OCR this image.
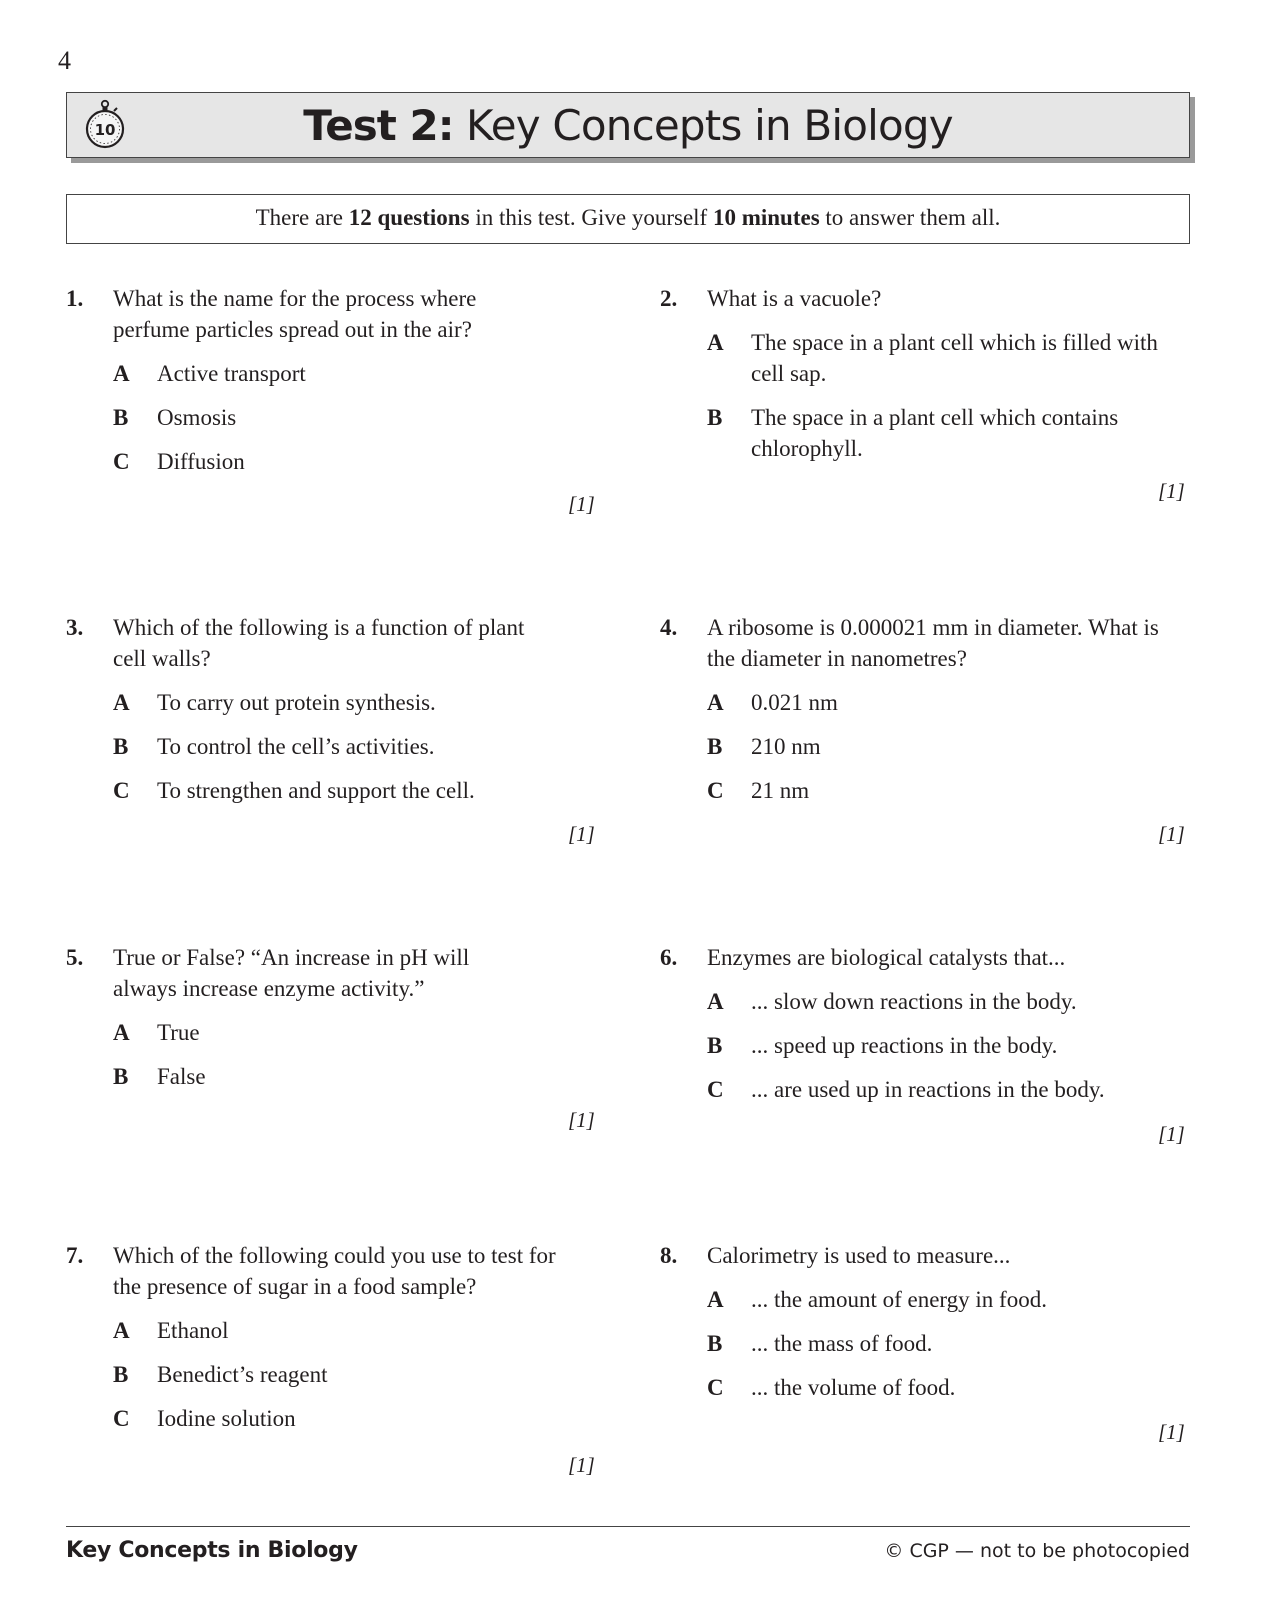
4
10	Test 2: Key Concepts in Biology
There are 12 questions in this test. Give yourself 10 minutes to answer them all.
1. What is the name for the process where perfume particles spread out in the air?
A Active transport
B Osmosis
C Diffusion
[1]
2. What is a vacuole?
A The space in a plant cell which is filled with cell sap.
B The space in a plant cell which contains chlorophyll.
[1]
3. Which of the following is a function of plant cell walls?
A To carry out protein synthesis.
B To control the cell’s activities.
C To strengthen and support the cell.
[1]
4. A ribosome is 0.000021 mm in diameter. What is the diameter in nanometres?
A 0.021 nm
B 210 nm
C 21 nm
[1]
5. True or False? “An increase in pH will always increase enzyme activity.”
A True
B False
[1]
6. Enzymes are biological catalysts that...
A ... slow down reactions in the body.
B ... speed up reactions in the body.
C ... are used up in reactions in the body.
[1]
7. Which of the following could you use to test for the presence of sugar in a food sample?
A Ethanol
B Benedict’s reagent
C Iodine solution
[1]
8. Calorimetry is used to measure...
A ... the amount of energy in food.
B ... the mass of food.
C ... the volume of food.
[1]
Key Concepts in Biology	© CGP — not to be photocopied
